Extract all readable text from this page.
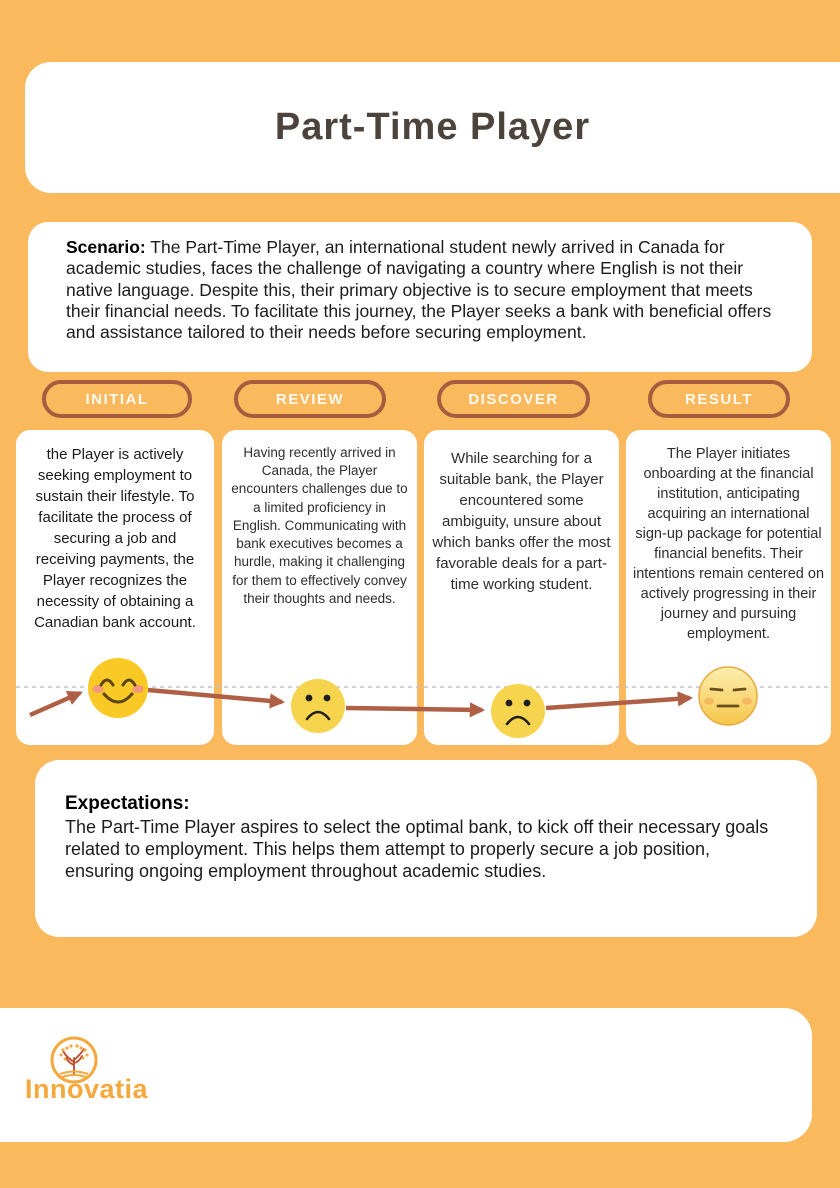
Part-Time Player

Scenario: The Part-Time Player, an international student newly arrived in Canada for academic studies, faces the challenge of navigating a country where English is not their native language. Despite this, their primary objective is to secure employment that meets their financial needs. To facilitate this journey, the Player seeks a bank with beneficial offers and assistance tailored to their needs before securing employment.

INITIAL	REVIEW	DISCOVER	RESULT
the Player is actively seeking employment to sustain their lifestyle. To facilitate the process of securing a job and receiving payments, the Player recognizes the necessity of obtaining a Canadian bank account.
Having recently arrived in Canada, the Player encounters challenges due to a limited proficiency in English. Communicating with bank executives becomes a hurdle, making it challenging for them to effectively convey their thoughts and needs.
While searching for a suitable bank, the Player encountered some ambiguity, unsure about which banks offer the most favorable deals for a part-time working student.
The Player initiates onboarding at the financial institution, anticipating acquiring an international sign-up package for potential financial benefits. Their intentions remain centered on actively progressing in their journey and pursuing employment.
Expectations:

The Part-Time Player aspires to select the optimal bank, to kick off their necessary goals related to employment. This helps them attempt to properly secure a job position, ensuring ongoing employment throughout academic studies.

Innovatia
